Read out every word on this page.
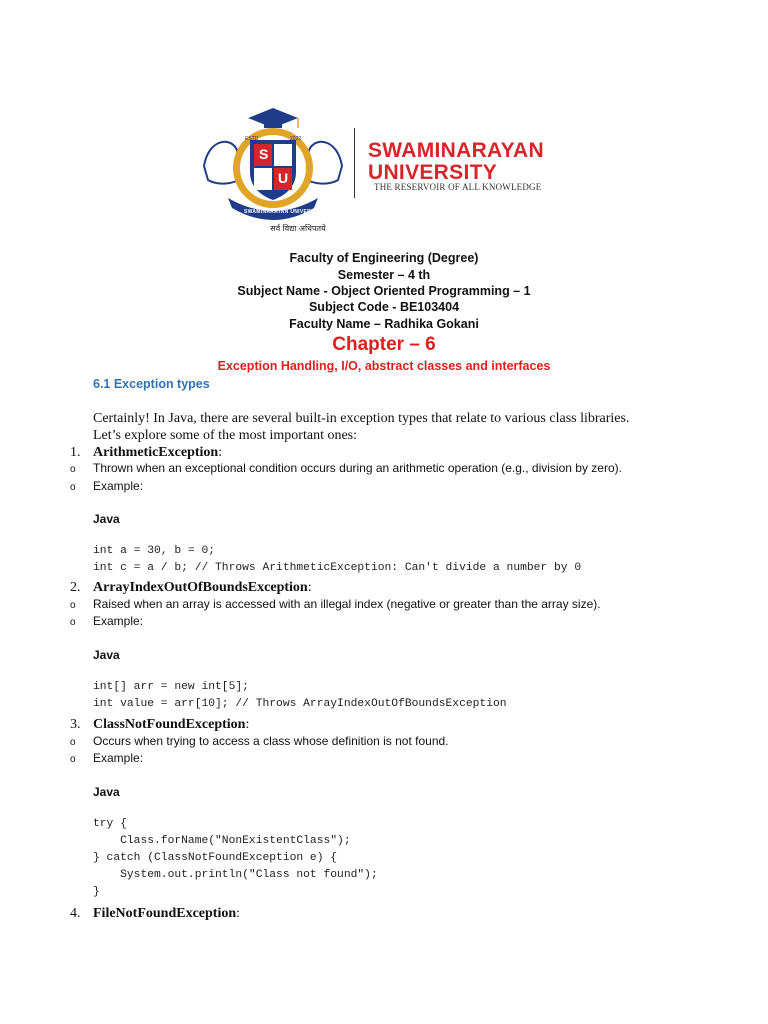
ESTD	2022
S
U
SWAMINARAYAN UNIVERSITY
SWAMINARAYAN
UNIVERSITY
THE RESERVOIR OF ALL KNOWLEDGE
सर्व विद्या अधिपतये
Faculty of Engineering (Degree)
Semester – 4 th
Subject Name - Object Oriented Programming – 1
Subject Code - BE103404
Faculty Name – Radhika Gokani
Chapter – 6
Exception Handling, I/O, abstract classes and interfaces
6.1 Exception types
Certainly! In Java, there are several built-in exception types that relate to various class libraries. Let’s explore some of the most important ones:
1. ArithmeticException:
o Thrown when an exceptional condition occurs during an arithmetic operation (e.g., division by zero).
o Example:
Java
int a = 30, b = 0;
int c = a / b; // Throws ArithmeticException: Can't divide a number by 0
2. ArrayIndexOutOfBoundsException:
o Raised when an array is accessed with an illegal index (negative or greater than the array size).
o Example:
Java
int[] arr = new int[5];
int value = arr[10]; // Throws ArrayIndexOutOfBoundsException
3. ClassNotFoundException:
o Occurs when trying to access a class whose definition is not found.
o Example:
Java
try {
Class.forName("NonExistentClass");
} catch (ClassNotFoundException e) {
System.out.println("Class not found");
}
4. FileNotFoundException:
